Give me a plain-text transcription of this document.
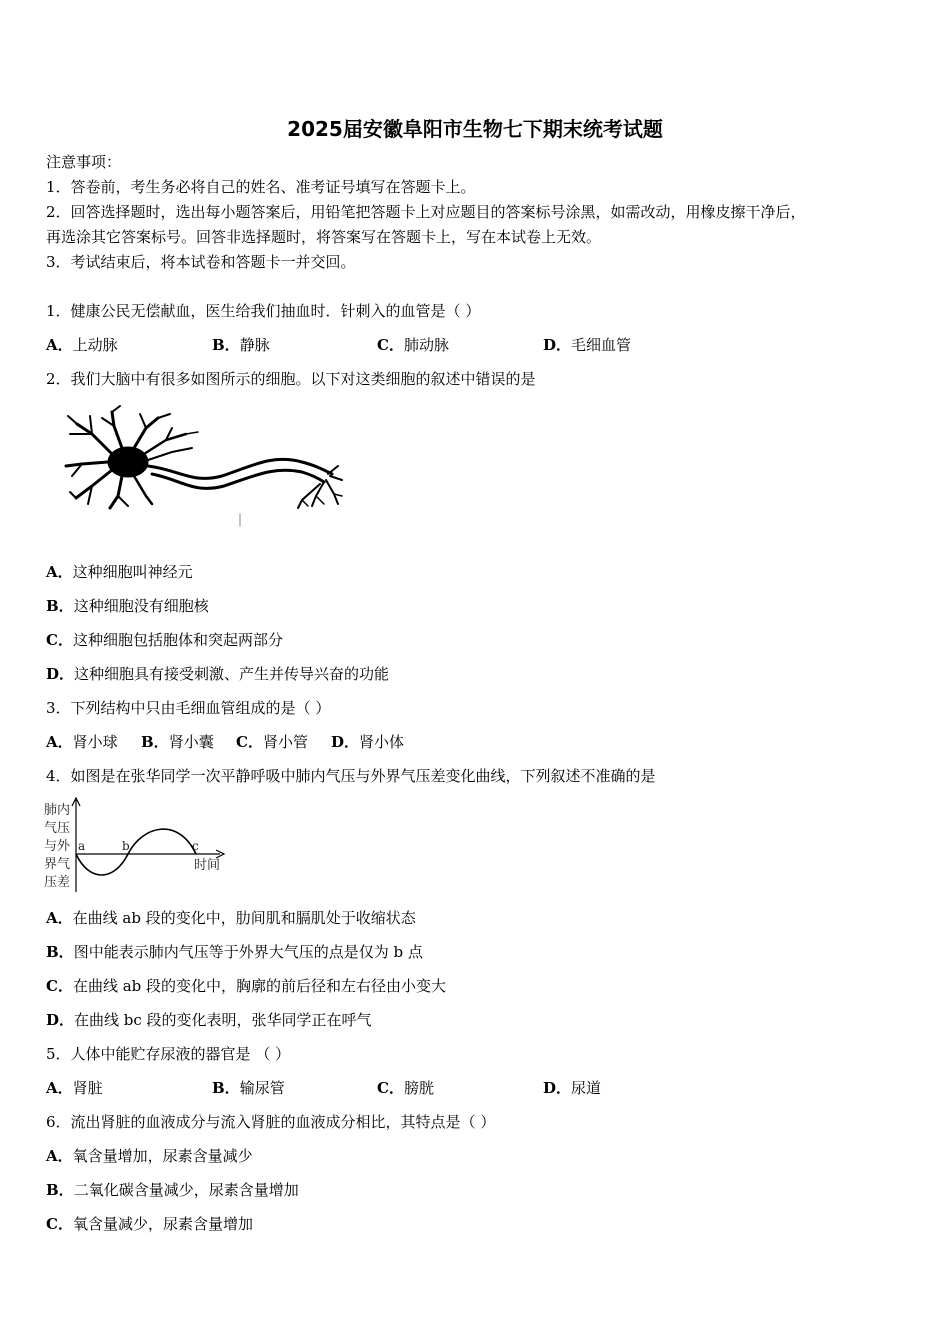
2025届安徽阜阳市生物七下期末统考试题
注意事项：
1．答卷前，考生务必将自己的姓名、准考证号填写在答题卡上。
2．回答选择题时，选出每小题答案后，用铅笔把答题卡上对应题目的答案标号涂黑，如需改动，用橡皮擦干净后，
再选涂其它答案标号。回答非选择题时，将答案写在答题卡上，写在本试卷上无效。
3．考试结束后，将本试卷和答题卡一并交回。
1．健康公民无偿献血，医生给我们抽血时．针刺入的血管是（ ）
A．上动脉	B．静脉	C．肺动脉	D．毛细血管
2．我们大脑中有很多如图所示的细胞。以下对这类细胞的叙述中错误的是
A．这种细胞叫神经元
B．这种细胞没有细胞核
C．这种细胞包括胞体和突起两部分
D．这种细胞具有接受刺激、产生并传导兴奋的功能
3．下列结构中只由毛细血管组成的是（ ）
A．肾小球 B．肾小囊 C．肾小管 D．肾小体
4．如图是在张华同学一次平静呼吸中肺内气压与外界气压差变化曲线，下列叙述不准确的是
肺内
气压
与外
界气
压差
时间
a	b	c
A．在曲线 ab 段的变化中，肋间肌和膈肌处于收缩状态
B．图中能表示肺内气压等于外界大气压的点是仅为 b 点
C．在曲线 ab 段的变化中，胸廓的前后径和左右径由小变大
D．在曲线 bc 段的变化表明，张华同学正在呼气
5．人体中能贮存尿液的器官是 （ ）
A．肾脏	B．输尿管	C．膀胱	D．尿道
6．流出肾脏的血液成分与流入肾脏的血液成分相比，其特点是（ ）
A．氧含量增加，尿素含量减少
B．二氧化碳含量减少，尿素含量增加
C．氧含量减少，尿素含量增加
